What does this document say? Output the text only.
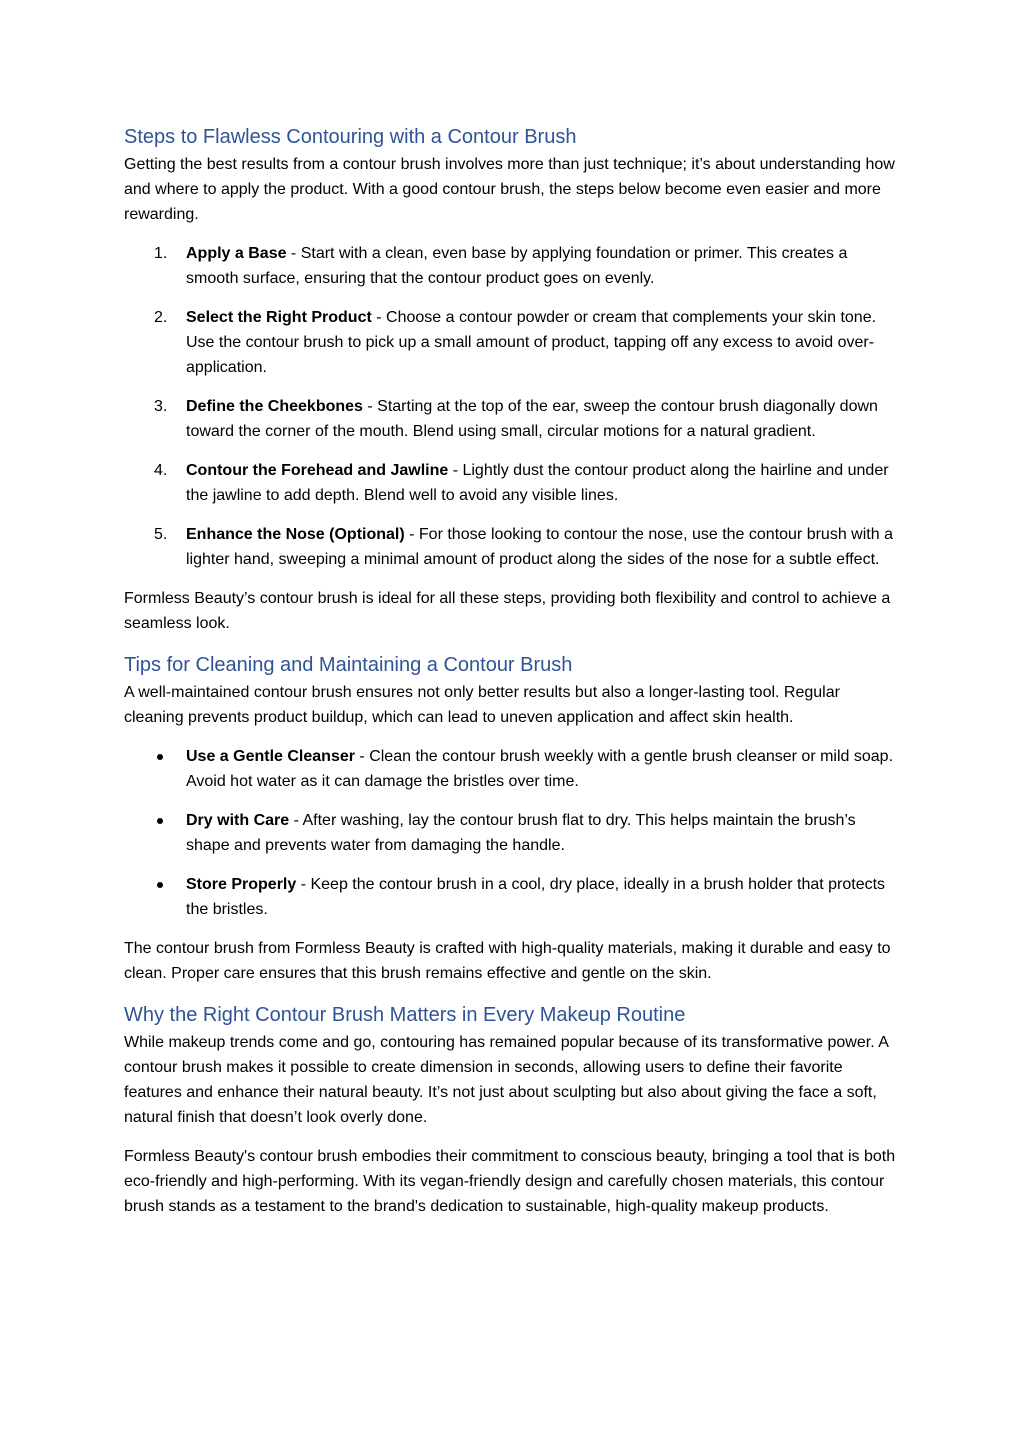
Steps to Flawless Contouring with a Contour Brush

Getting the best results from a contour brush involves more than just technique; it’s about understanding how and where to apply the product. With a good contour brush, the steps below become even easier and more rewarding.

1. Apply a Base - Start with a clean, even base by applying foundation or primer. This creates a smooth surface, ensuring that the contour product goes on evenly.
2. Select the Right Product - Choose a contour powder or cream that complements your skin tone. Use the contour brush to pick up a small amount of product, tapping off any excess to avoid over-application.
3. Define the Cheekbones - Starting at the top of the ear, sweep the contour brush diagonally down toward the corner of the mouth. Blend using small, circular motions for a natural gradient.
4. Contour the Forehead and Jawline - Lightly dust the contour product along the hairline and under the jawline to add depth. Blend well to avoid any visible lines.
5. Enhance the Nose (Optional) - For those looking to contour the nose, use the contour brush with a lighter hand, sweeping a minimal amount of product along the sides of the nose for a subtle effect.

Formless Beauty’s contour brush is ideal for all these steps, providing both flexibility and control to achieve a seamless look.

Tips for Cleaning and Maintaining a Contour Brush

A well-maintained contour brush ensures not only better results but also a longer-lasting tool. Regular cleaning prevents product buildup, which can lead to uneven application and affect skin health.

Use a Gentle Cleanser - Clean the contour brush weekly with a gentle brush cleanser or mild soap. Avoid hot water as it can damage the bristles over time.
Dry with Care - After washing, lay the contour brush flat to dry. This helps maintain the brush’s shape and prevents water from damaging the handle.
Store Properly - Keep the contour brush in a cool, dry place, ideally in a brush holder that protects the bristles.

The contour brush from Formless Beauty is crafted with high-quality materials, making it durable and easy to clean. Proper care ensures that this brush remains effective and gentle on the skin.

Why the Right Contour Brush Matters in Every Makeup Routine

While makeup trends come and go, contouring has remained popular because of its transformative power. A contour brush makes it possible to create dimension in seconds, allowing users to define their favorite features and enhance their natural beauty. It’s not just about sculpting but also about giving the face a soft, natural finish that doesn’t look overly done.

Formless Beauty's contour brush embodies their commitment to conscious beauty, bringing a tool that is both eco-friendly and high-performing. With its vegan-friendly design and carefully chosen materials, this contour brush stands as a testament to the brand's dedication to sustainable, high-quality makeup products.
